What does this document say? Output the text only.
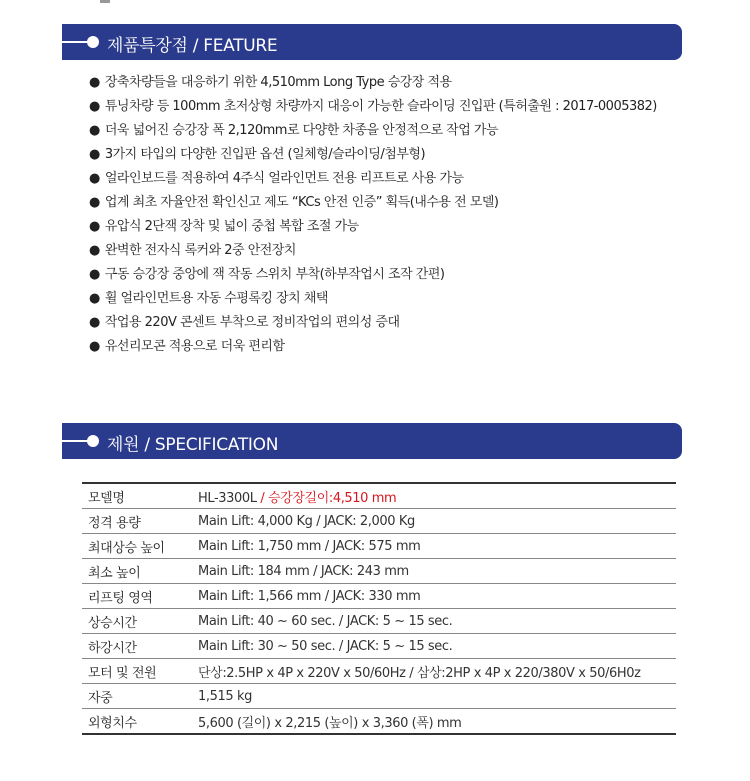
제품특장점 / FEATURE
● 장축차량들을 대응하기 위한 4,510mm Long Type 승강장 적용
● 튜닝차량 등 100mm 초저상형 차량까지 대응이 가능한 슬라이딩 진입판 (특허출원 : 2017-0005382)
● 더욱 넓어진 승강장 폭 2,120mm로 다양한 차종을 안정적으로 작업 가능
● 3가지 타입의 다양한 진입판 옵션 (일체형/슬라이딩/첨부형)
● 얼라인보드를 적용하여 4주식 얼라인먼트 전용 리프트로 사용 가능
● 업계 최초 자율안전 확인신고 제도 “KCs 안전 인증” 획득(내수용 전 모델)
● 유압식 2단잭 장착 및 넓이 중첩 복합 조절 가능
● 완벽한 전자식 록커와 2중 안전장치
● 구동 승강장 중앙에 잭 작동 스위치 부착(하부작업시 조작 간편)
● 휠 얼라인먼트용 자동 수평록킹 장치 채택
● 작업용 220V 콘센트 부착으로 정비작업의 편의성 증대
● 유선리모콘 적용으로 더욱 편리함
제원 / SPECIFICATION
모델명	HL-3300L / 승강장길이:4,510 mm
정격 용량	Main Lift: 4,000 Kg / JACK: 2,000 Kg
최대상승 높이	Main Lift: 1,750 mm / JACK: 575 mm
최소 높이	Main Lift: 184 mm / JACK: 243 mm
리프팅 영역	Main Lift: 1,566 mm / JACK: 330 mm
상승시간	Main Lift: 40 ~ 60 sec. / JACK: 5 ~ 15 sec.
하강시간	Main Lift: 30 ~ 50 sec. / JACK: 5 ~ 15 sec.
모터 및 전원	단상:2.5HP x 4P x 220V x 50/60Hz / 삼상:2HP x 4P x 220/380V x 50/6H0z
자중	1,515 kg
외형치수	5,600 (길이) x 2,215 (높이) x 3,360 (폭) mm
